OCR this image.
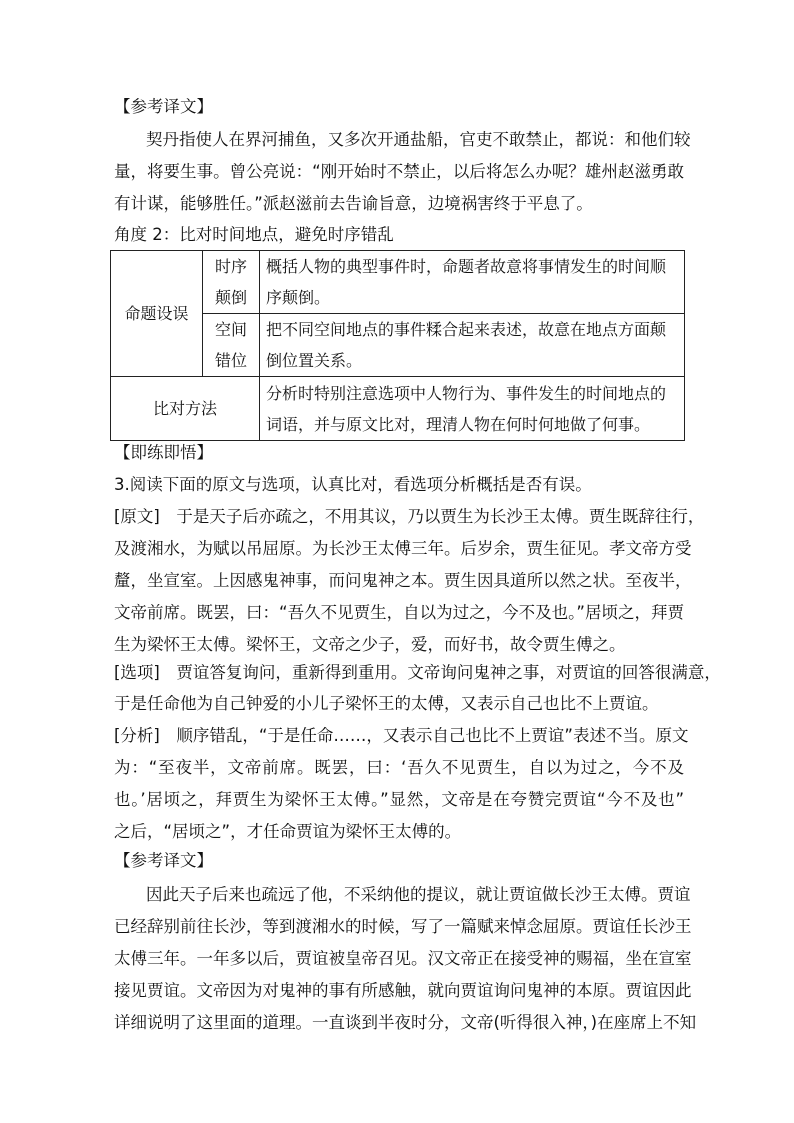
【参考译文】
契丹指使人在界河捕鱼，又多次开通盐船，官吏不敢禁止，都说：和他们较
量，将要生事。曾公亮说：“刚开始时不禁止，以后将怎么办呢？雄州赵滋勇敢
有计谋，能够胜任。”派赵滋前去告谕旨意，边境祸害终于平息了。
角度 2：比对时间地点，避免时序错乱
命题设误	时序颠倒	概括人物的典型事件时，命题者故意将事情发生的时间顺序颠倒。
	空间错位	把不同空间地点的事件糅合起来表述，故意在地点方面颠倒位置关系。
比对方法		分析时特别注意选项中人物行为、事件发生的时间地点的词语，并与原文比对，理清人物在何时何地做了何事。
【即练即悟】
3.阅读下面的原文与选项，认真比对，看选项分析概括是否有误。
[原文]　于是天子后亦疏之，不用其议，乃以贾生为长沙王太傅。贾生既辞往行，
及渡湘水，为赋以吊屈原。为长沙王太傅三年。后岁余，贾生征见。孝文帝方受
釐，坐宣室。上因感鬼神事，而问鬼神之本。贾生因具道所以然之状。至夜半，
文帝前席。既罢，曰：“吾久不见贾生，自以为过之，今不及也。”居顷之，拜贾
生为梁怀王太傅。梁怀王，文帝之少子，爱，而好书，故令贾生傅之。
[选项]　贾谊答复询问，重新得到重用。文帝询问鬼神之事，对贾谊的回答很满意，
于是任命他为自己钟爱的小儿子梁怀王的太傅，又表示自己也比不上贾谊。
[分析]　顺序错乱，“于是任命……，又表示自己也比不上贾谊”表述不当。原文
为：“至夜半，文帝前席。既罢，曰：‘吾久不见贾生，自以为过之，今不及
也。’居顷之，拜贾生为梁怀王太傅。”显然，文帝是在夸赞完贾谊“今不及也”
之后，“居顷之”，才任命贾谊为梁怀王太傅的。
【参考译文】
因此天子后来也疏远了他，不采纳他的提议，就让贾谊做长沙王太傅。贾谊
已经辞别前往长沙，等到渡湘水的时候，写了一篇赋来悼念屈原。贾谊任长沙王
太傅三年。一年多以后，贾谊被皇帝召见。汉文帝正在接受神的赐福，坐在宣室
接见贾谊。文帝因为对鬼神的事有所感触，就向贾谊询问鬼神的本原。贾谊因此
详细说明了这里面的道理。一直谈到半夜时分，文帝(听得很入神，)在座席上不知
